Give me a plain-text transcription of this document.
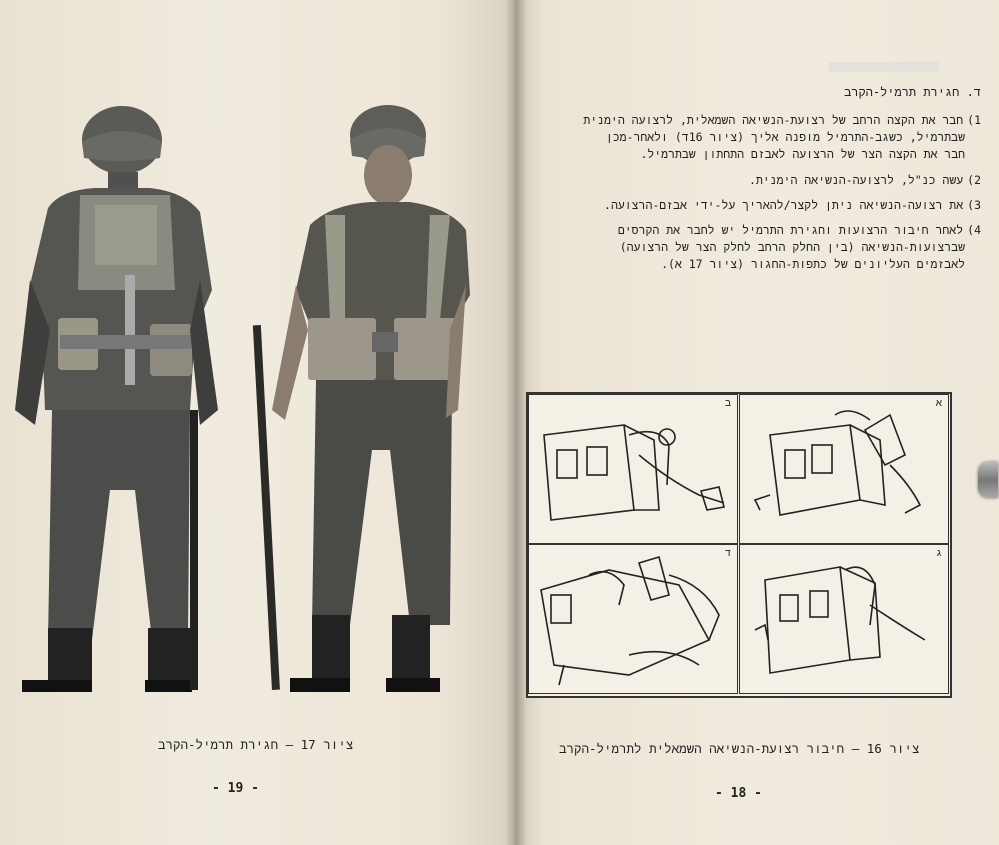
ציור 17 – חגירת תרמיל-הקרב
- 19 -
ד. חגירת תרמיל-הקרב
1)חבר את הקצה הרחב של רצועת-הנשיאה השמאלית, לרצועה הימנית
שבתרמיל, כשגב-התרמיל מופנה אליך (ציור 16ד) ולאחר-מכן
חבר את הקצה הצר של הרצועה לאבזם התחתון שבתרמיל.
2)עשה כנ"ל, לרצועה-הנשיאה הימנית.
3)את רצועה-הנשיאה ניתן לקצר/להאריך על-ידי אבזם-הרצועה.
4)לאחר חיבור הרצועות וחגירת התרמיל יש לחבר את הקרסים
שברצועות-הנשיאה (בין החלק הרחב לחלק הצר של הרצועה)
לאבזמים העליונים של כתפות-החגור (ציור 17 א).
ציור 16 – חיבור רצועת-הנשיאה השמאלית לתרמיל-הקרב
- 18 -
א
ב
ג
ד
